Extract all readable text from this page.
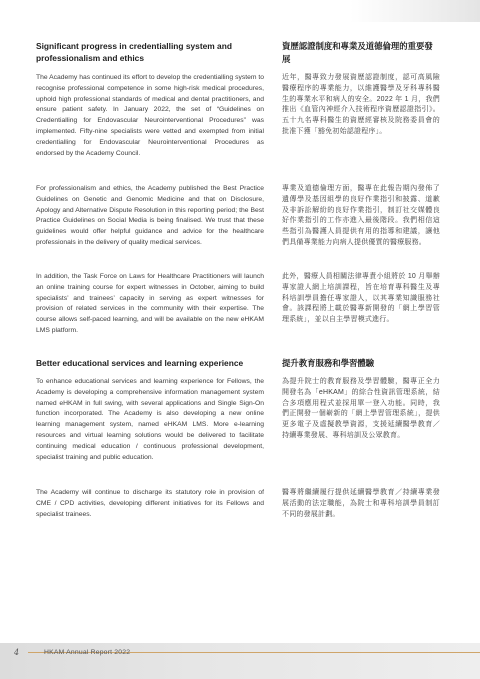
Significant progress in credentialling system and professionalism and ethics
資歷認證制度和專業及道德倫理的重要發展

The Academy has continued its effort to develop the credentialling system to recognise professional competence in some high-risk medical procedures, uphold high professional standards of medical and dental practitioners, and ensure patient safety. In January 2022, the set of “Guidelines on Credentialling for Endovascular Neurointerventional Procedures” was implemented. Fifty-nine specialists were vetted and exempted from initial credentialling for Endovascular Neurointerventional Procedures as endorsed by the Academy Council.

近年，醫專致力發展資歷認證制度，認可高風險醫療程序的專業能力，以維護醫學及牙科專科醫生的專業水平和病人的安全。2022 年 1 月，我們推出《血管內神經介入技術程序資歷認證指引》。五十九名專科醫生的資歷經審核及院務委員會的批准下獲「豁免初始認證程序」。

For professionalism and ethics, the Academy published the Best Practice Guidelines on Genetic and Genomic Medicine and that on Disclosure, Apology and Alternative Dispute Resolution in this reporting period; the Best Practice Guidelines on Social Media is being finalised. We trust that these guidelines would offer helpful guidance and advice for the healthcare professionals in the delivery of quality medical services.

專業及道德倫理方面，醫專在此報告期內發佈了遺傳學及基因組學的良好作業指引和披露、道歉及非訴訟解紛的良好作業指引，制訂社交媒體良好作業指引的工作亦進入最後階段。我們相信這些指引為醫護人員提供有用的指導和建議，讓他們具備專業能力向病人提供優質的醫療服務。

In addition, the Task Force on Laws for Healthcare Practitioners will launch an online training course for expert witnesses in October, aiming to build specialists’ and trainees’ capacity in serving as expert witnesses for provision of related services in the community with their expertise. The course allows self-paced learning, and will be available on the new eHKAM LMS platform.

此外，醫療人員相關法律專責小組將於 10 月舉辦專家證人網上培訓課程，旨在培育專科醫生及專科培訓學員擔任專家證人，以其專業知識服務社會。該課程將上載於醫專新開發的「網上學習管理系統」，並以自主學習模式進行。

Better educational services and learning experience	提升教育服務和學習體驗

To enhance educational services and learning experience for Fellows, the Academy is developing a comprehensive information management system named eHKAM in full swing, with several applications and Single Sign-On function incorporated. The Academy is also developing a new online learning management system, named eHKAM LMS. More e-learning resources and virtual learning solutions would be delivered to facilitate continuing medical education / continuous professional development, specialist training and public education.

為提升院士的教育服務及學習體驗，醫專正全力開發名為「eHKAM」的綜合性資訊管理系統，結合多項應用程式並採用單一登入功能。同時，我們正開發一個嶄新的「網上學習管理系統」，提供更多電子及虛擬教學資源，支援延續醫學教育／持續專業發展、專科培訓及公眾教育。

The Academy will continue to discharge its statutory role in provision of CME / CPD activities, developing different initiatives for its Fellows and specialist trainees.

醫專將繼續履行提供延續醫學教育／持續專業發展活動的法定職能，為院士和專科培訓學員制訂不同的發展計劃。

4	HKAM Annual Report 2022
